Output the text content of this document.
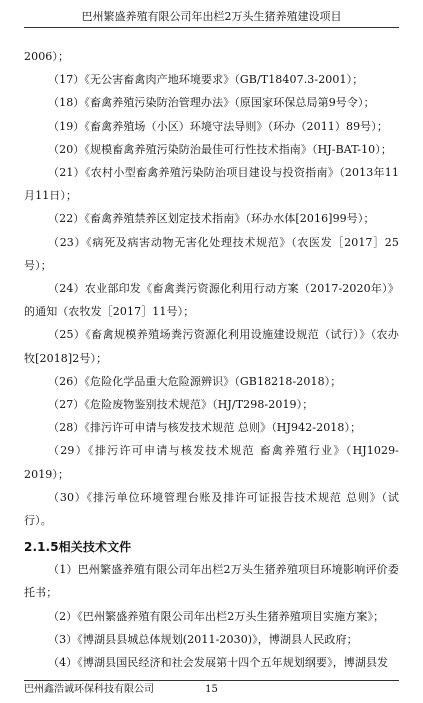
巴州繁盛养殖有限公司年出栏2万头生猪养殖建设项目

2006）；

（17）《无公害畜禽肉产地环境要求》（GB/T18407.3-2001）；

（18）《畜禽养殖污染防治管理办法》（原国家环保总局第9号令）；

（19）《畜禽养殖场（小区）环境守法导则》（环办（2011）89号）；

（20）《规模畜禽养殖污染防治最佳可行性技术指南》（HJ-BAT-10）；

（21）《农村小型畜禽养殖污染防治项目建设与投资指南》（2013年11月11日）；

（22）《畜禽养殖禁养区划定技术指南》（环办水体[2016]99号）；

（23）《病死及病害动物无害化处理技术规范》（农医发［2017］25号）；

（24）农业部印发《畜禽粪污资源化利用行动方案（2017-2020年）》的通知（农牧发［2017］11号）；

（25）《畜禽规模养殖场粪污资源化利用设施建设规范（试行）》（农办牧[2018]2号）；

（26）《危险化学品重大危险源辨识》（GB18218-2018）；

（27）《危险废物鉴别技术规范》（HJ/T298-2019）；

（28）《排污许可申请与核发技术规范 总则》（HJ942-2018）；

（29）《排污许可申请与核发技术规范 畜禽养殖行业》（HJ1029-2019）；

（30）《排污单位环境管理台账及排许可证报告技术规范 总则》（试行）。

2.1.5相关技术文件

（1）巴州繁盛养殖有限公司年出栏2万头生猪养殖项目环境影响评价委托书；

（2）《巴州繁盛养殖有限公司年出栏2万头生猪养殖项目实施方案》；

（3）《博湖县县城总体规划(2011-2030)》，博湖县人民政府；

（4）《博湖县国民经济和社会发展第十四个五年规划纲要》，博湖县发

巴州鑫浩诚环保科技有限公司	15
